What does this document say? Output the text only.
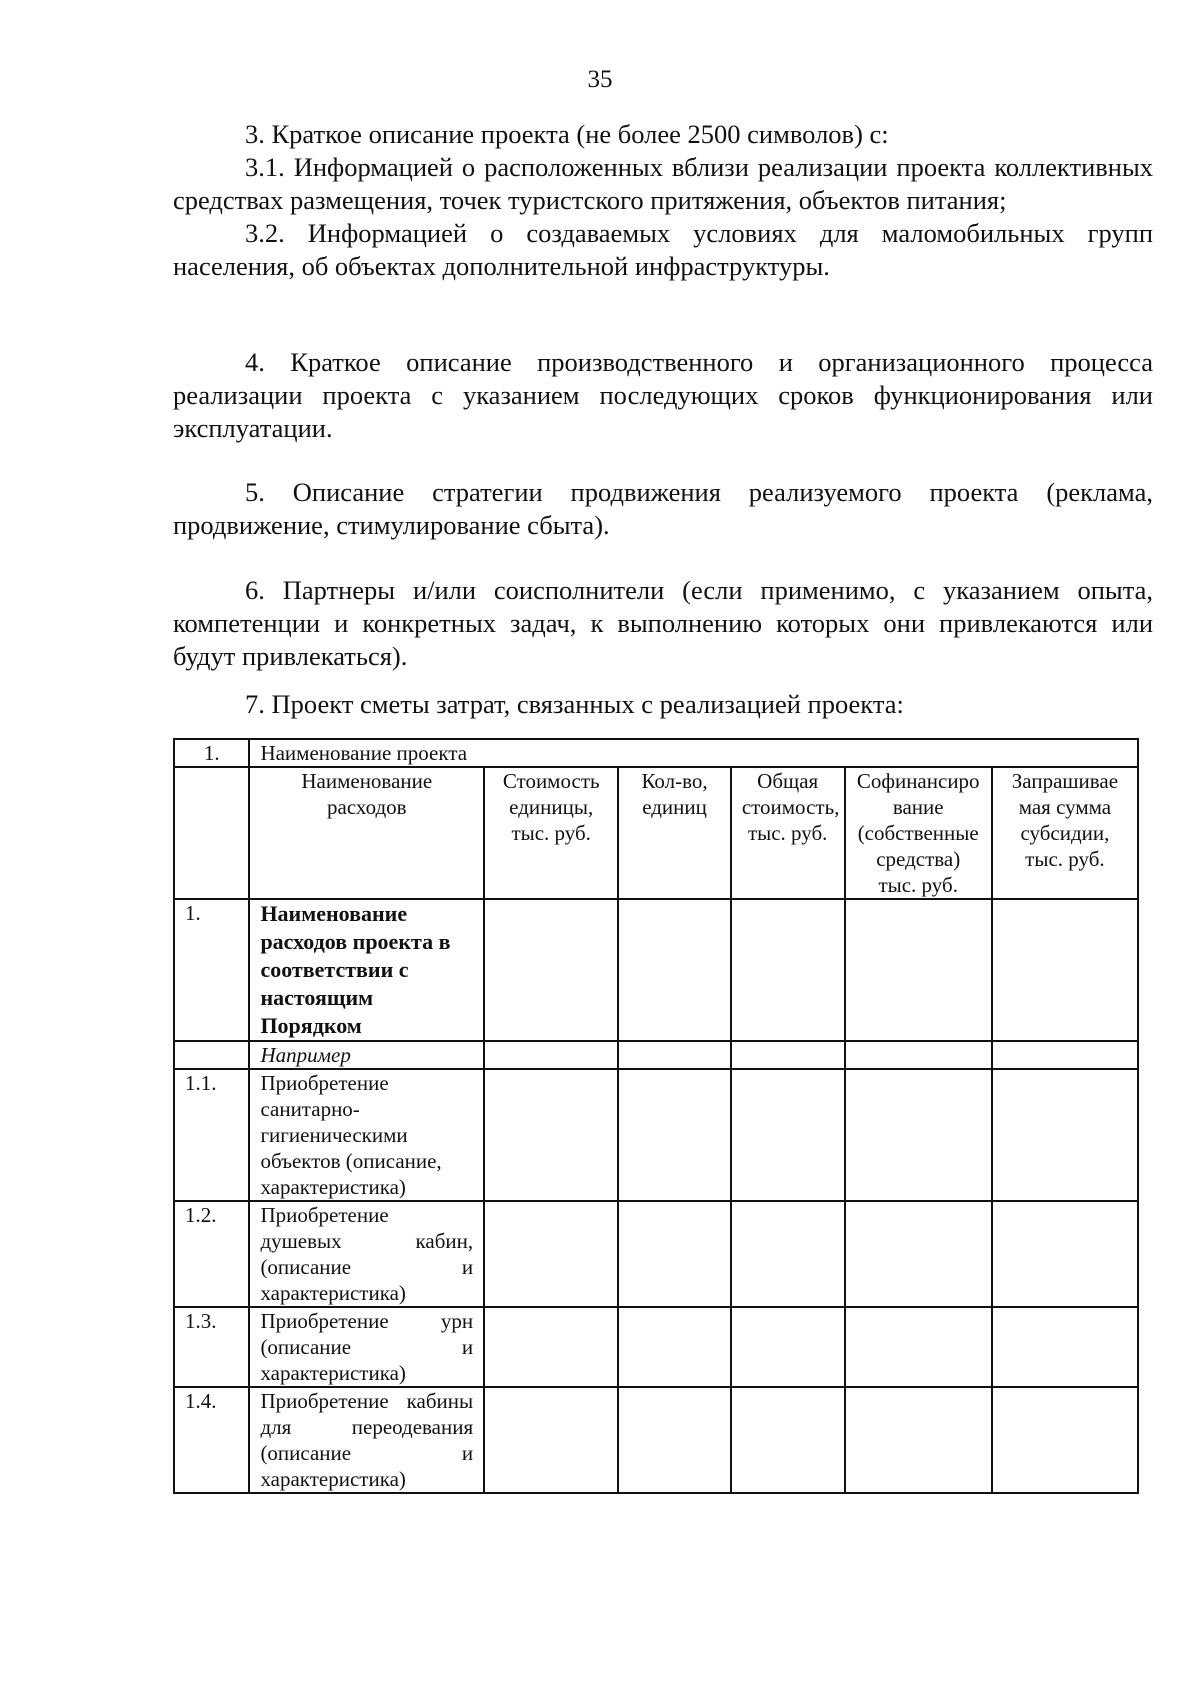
35

3. Краткое описание проекта (не более 2500 символов) с:

3.1. Информацией о расположенных вблизи реализации проекта коллективных средствах размещения, точек туристского притяжения, объектов питания;

3.2. Информацией о создаваемых условиях для маломобильных групп населения, об объектах дополнительной инфраструктуры.

4. Краткое описание производственного и организационного процесса реализации проекта с указанием последующих сроков функционирования или эксплуатации.

5. Описание стратегии продвижения реализуемого проекта (реклама, продвижение, стимулирование сбыта).

6. Партнеры и/или соисполнители (если применимо, с указанием опыта, компетенции и конкретных задач, к выполнению которых они привлекаются или будут привлекаться).

7. Проект сметы затрат, связанных с реализацией проекта:

1.	Наименование проекта					
	Наименование расходов	Стоимость единицы, тыс. руб.	Кол-во, единиц	Общая стоимость, тыс. руб.	Софинансиро вание (собственные средства) тыс. руб.	Запрашивае мая сумма субсидии, тыс. руб.
1.	Наименование расходов проекта в соответствии с настоящим Порядком					
	Например					
1.1.	Приобретение санитарно-гигиеническими объектов (описание, характеристика)					
1.2.	Приобретение душевых кабин, (описание и характеристика)					
1.3.	Приобретение урн (описание и характеристика)					
1.4.	Приобретение кабины для переодевания (описание и характеристика)					
